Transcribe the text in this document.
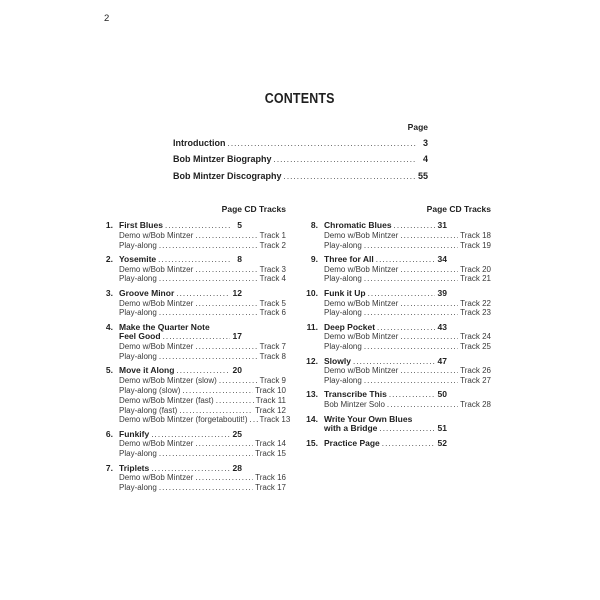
2
CONTENTS
Page
Introduction .....	3
Bob Mintzer Biography .....	4
Bob Mintzer Discography .....	55
Page CD Tracks
1. First Blues .....	5
Demo w/Bob Mintzer .....	Track 1
Play-along .....	Track 2
2. Yosemite .....	8
Demo w/Bob Mintzer .....	Track 3
Play-along .....	Track 4
3. Groove Minor .....	12
Demo w/Bob Mintzer .....	Track 5
Play-along .....	Track 6
4. Make the Quarter Note
Feel Good .....	17
Demo w/Bob Mintzer .....	Track 7
Play-along .....	Track 8
5. Move it Along .....	20
Demo w/Bob Mintzer (slow) .....	Track 9
Play-along (slow) .....	Track 10
Demo w/Bob Mintzer (fast) .....	Track 11
Play-along (fast) .....	Track 12
Demo w/Bob Mintzer (forgetaboutit!) ..... Track 13
6. Funkify .....	25
Demo w/Bob Mintzer .....	Track 14
Play-along .....	Track 15
7. Triplets .....	28
Demo w/Bob Mintzer .....	Track 16
Play-along .....	Track 17
Page CD Tracks
8. Chromatic Blues .....	31
Demo w/Bob Mintzer .....	Track 18
Play-along .....	Track 19
9. Three for All .....	34
Demo w/Bob Mintzer .....	Track 20
Play-along .....	Track 21
10. Funk it Up .....	39
Demo w/Bob Mintzer .....	Track 22
Play-along .....	Track 23
11. Deep Pocket .....	43
Demo w/Bob Mintzer .....	Track 24
Play-along .....	Track 25
12. Slowly .....	47
Demo w/Bob Mintzer .....	Track 26
Play-along .....	Track 27
13. Transcribe This .....	50
Bob Mintzer Solo .....	Track 28
14. Write Your Own Blues
with a Bridge .....	51
15. Practice Page .....	52
